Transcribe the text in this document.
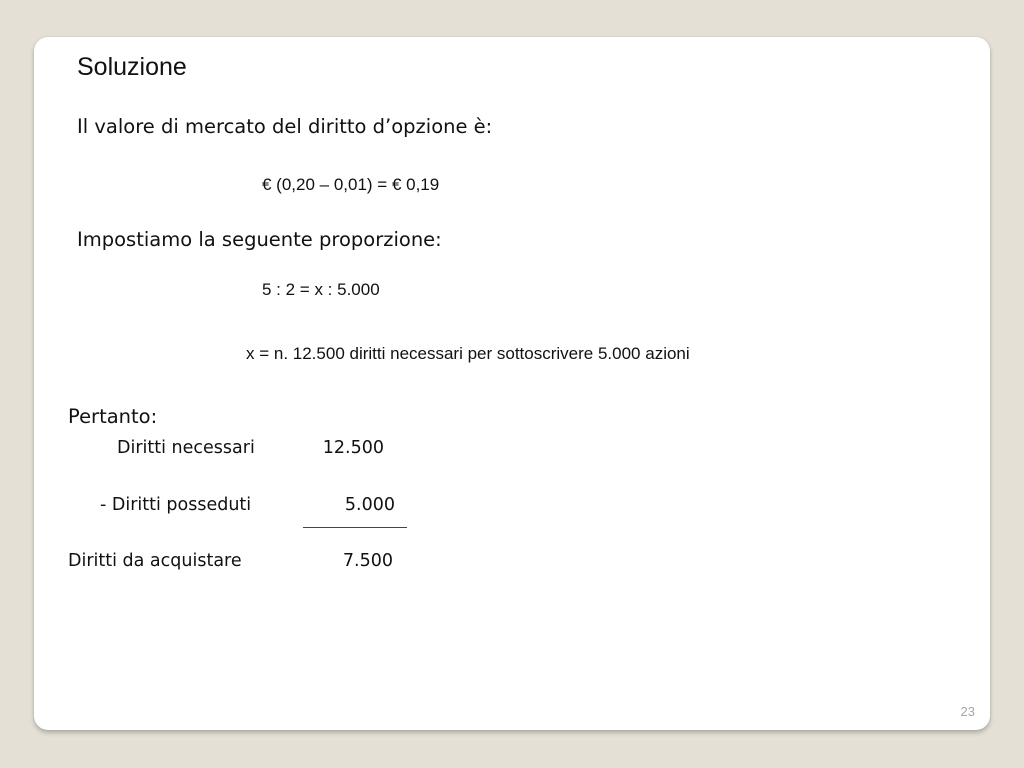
Soluzione
Il valore di mercato del diritto d’opzione è:
€ (0,20 – 0,01) = € 0,19
Impostiamo la seguente proporzione:
5 : 2 = x : 5.000
x = n. 12.500 diritti necessari per sottoscrivere 5.000 azioni
Pertanto:
Diritti necessari	12.500
- Diritti posseduti	5.000
Diritti da acquistare	7.500
23
